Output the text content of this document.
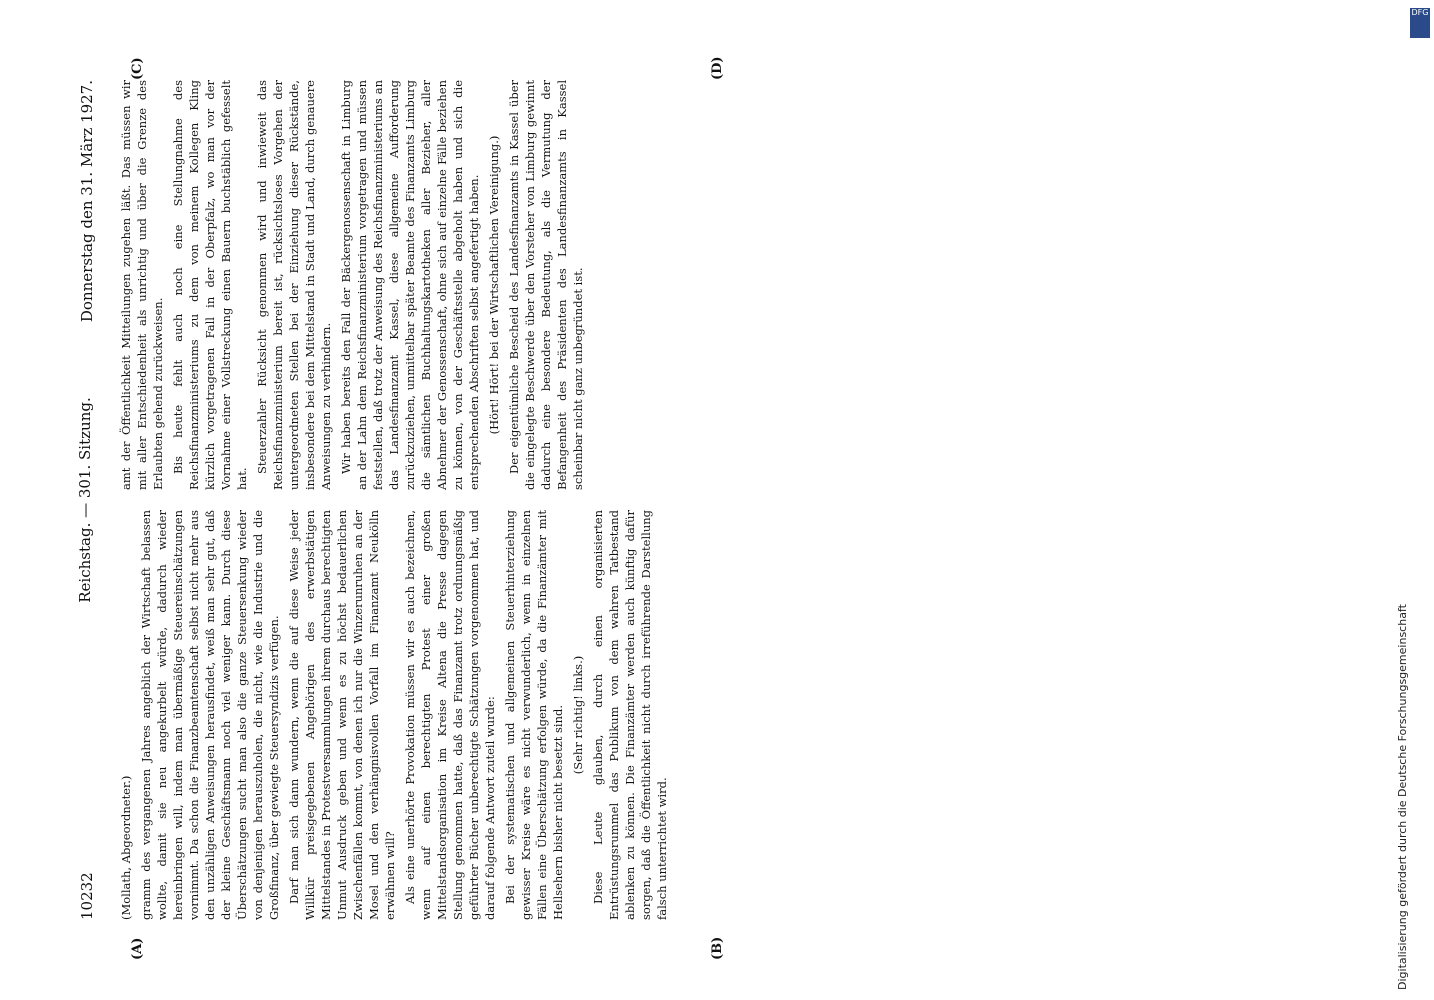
10232
Reichstag. — 301. Sitzung.
Donnerstag den 31. März 1927.
(A)	(B)
(C)	(D)

(Mollath, Abgeordneter.) gramm des vergangenen Jahres angeblich der Wirtschaft belassen wollte, damit sie neu angekurbelt würde, dadurch wieder hereinbringen will, indem man übermäßige Steuereinschätzungen vornimmt. Da schon die Finanzbeamtenschaft selbst nicht mehr aus den unzähligen Anweisungen herausfindet, weiß man sehr gut, daß der kleine Geschäftsmann noch viel weniger kann. Durch diese Überschätzungen sucht man also die ganze Steuersenkung wieder von denjenigen herauszuholen, die nicht, wie die Industrie und die Großfinanz, über gewiegte Steuersyndizis verfügen. Darf man sich dann wundern, wenn die auf diese Weise jeder Willkür preisgegebenen Angehörigen des erwerbstätigen Mittelstandes in Protestversammlungen ihrem durchaus berechtigten Unmut Ausdruck geben und wenn es zu höchst bedauerlichen Zwischenfällen kommt, von denen ich nur die Winzerunruhen an der Mosel und den verhängnisvollen Vorfall im Finanzamt Neukölln erwähnen will? Als eine unerhörte Provokation müssen wir es auch bezeichnen, wenn auf einen berechtigten Protest einer großen Mittelstandsorganisation im Kreise Altena die Presse dagegen Stellung genommen hatte, daß das Finanzamt trotz ordnungsmäßig geführter Bücher unberechtigte Schätzungen vorgenommen hat, und darauf folgende Antwort zuteil wurde: Bei der systematischen und allgemeinen Steuerhinterziehung gewisser Kreise wäre es nicht verwunderlich, wenn in einzelnen Fällen eine Überschätzung erfolgen würde, da die Finanzämter mit Hellsehern bisher nicht besetzt sind. (Sehr richtig! links.) Diese Leute glauben, durch einen organisierten Entrüstungsrummel das Publikum von dem wahren Tatbestand ablenken zu können. Die Finanzämter werden auch künftig dafür sorgen, daß die Öffentlichkeit nicht durch irreführende Darstellung falsch unterrichtet wird.

amt der Öffentlichkeit Mitteilungen zugehen läßt. Das müssen wir mit aller Entschiedenheit als unrichtig und über die Grenze des Erlaubten gehend zurückweisen. Bis heute fehlt auch noch eine Stellungnahme des Reichsfinanzministeriums zu dem von meinem Kollegen Kling kürzlich vorgetragenen Fall in der Oberpfalz, wo man vor der Vornahme einer Vollstreckung einen Bauern buchstäblich gefesselt hat.

Steuerzahler Rücksicht genommen wird und inwieweit das Reichsfinanzministerium bereit ist, rücksichtsloses Vorgehen der untergeordneten Stellen bei der Einziehung dieser Rückstände, insbesondere bei dem Mittelstand in Stadt und Land, durch genauere Anweisungen zu verhindern. Wir haben bereits den Fall der Bäckergenossenschaft in Limburg an der Lahn dem Reichsfinanzministerium vorgetragen und müssen feststellen, daß trotz der Anweisung des Reichsfinanzministeriums an das Landesfinanzamt Kassel, diese allgemeine Aufforderung zurückzuziehen, unmittelbar später Beamte des Finanzamts Limburg die sämtlichen Buchhaltungskartotheken aller Bezieher, aller Abnehmer der Genossenschaft, ohne sich auf einzelne Fälle beziehen zu können, von der Geschäftsstelle abgeholt haben und sich die entsprechenden Abschriften selbst angefertigt haben. (Hört! Hört! bei der Wirtschaftlichen Vereinigung.) Der eigentümliche Bescheid des Landesfinanzamts in Kassel über die eingelegte Beschwerde über den Vorsteher von Limburg gewinnt dadurch eine besondere Bedeutung, als die Vermutung der Befangenheit des Präsidenten des Landesfinanzamts in Kassel scheinbar nicht ganz unbegründet ist.

Digitalisierung gefördert durch die Deutsche Forschungsgemeinschaft
DFG
